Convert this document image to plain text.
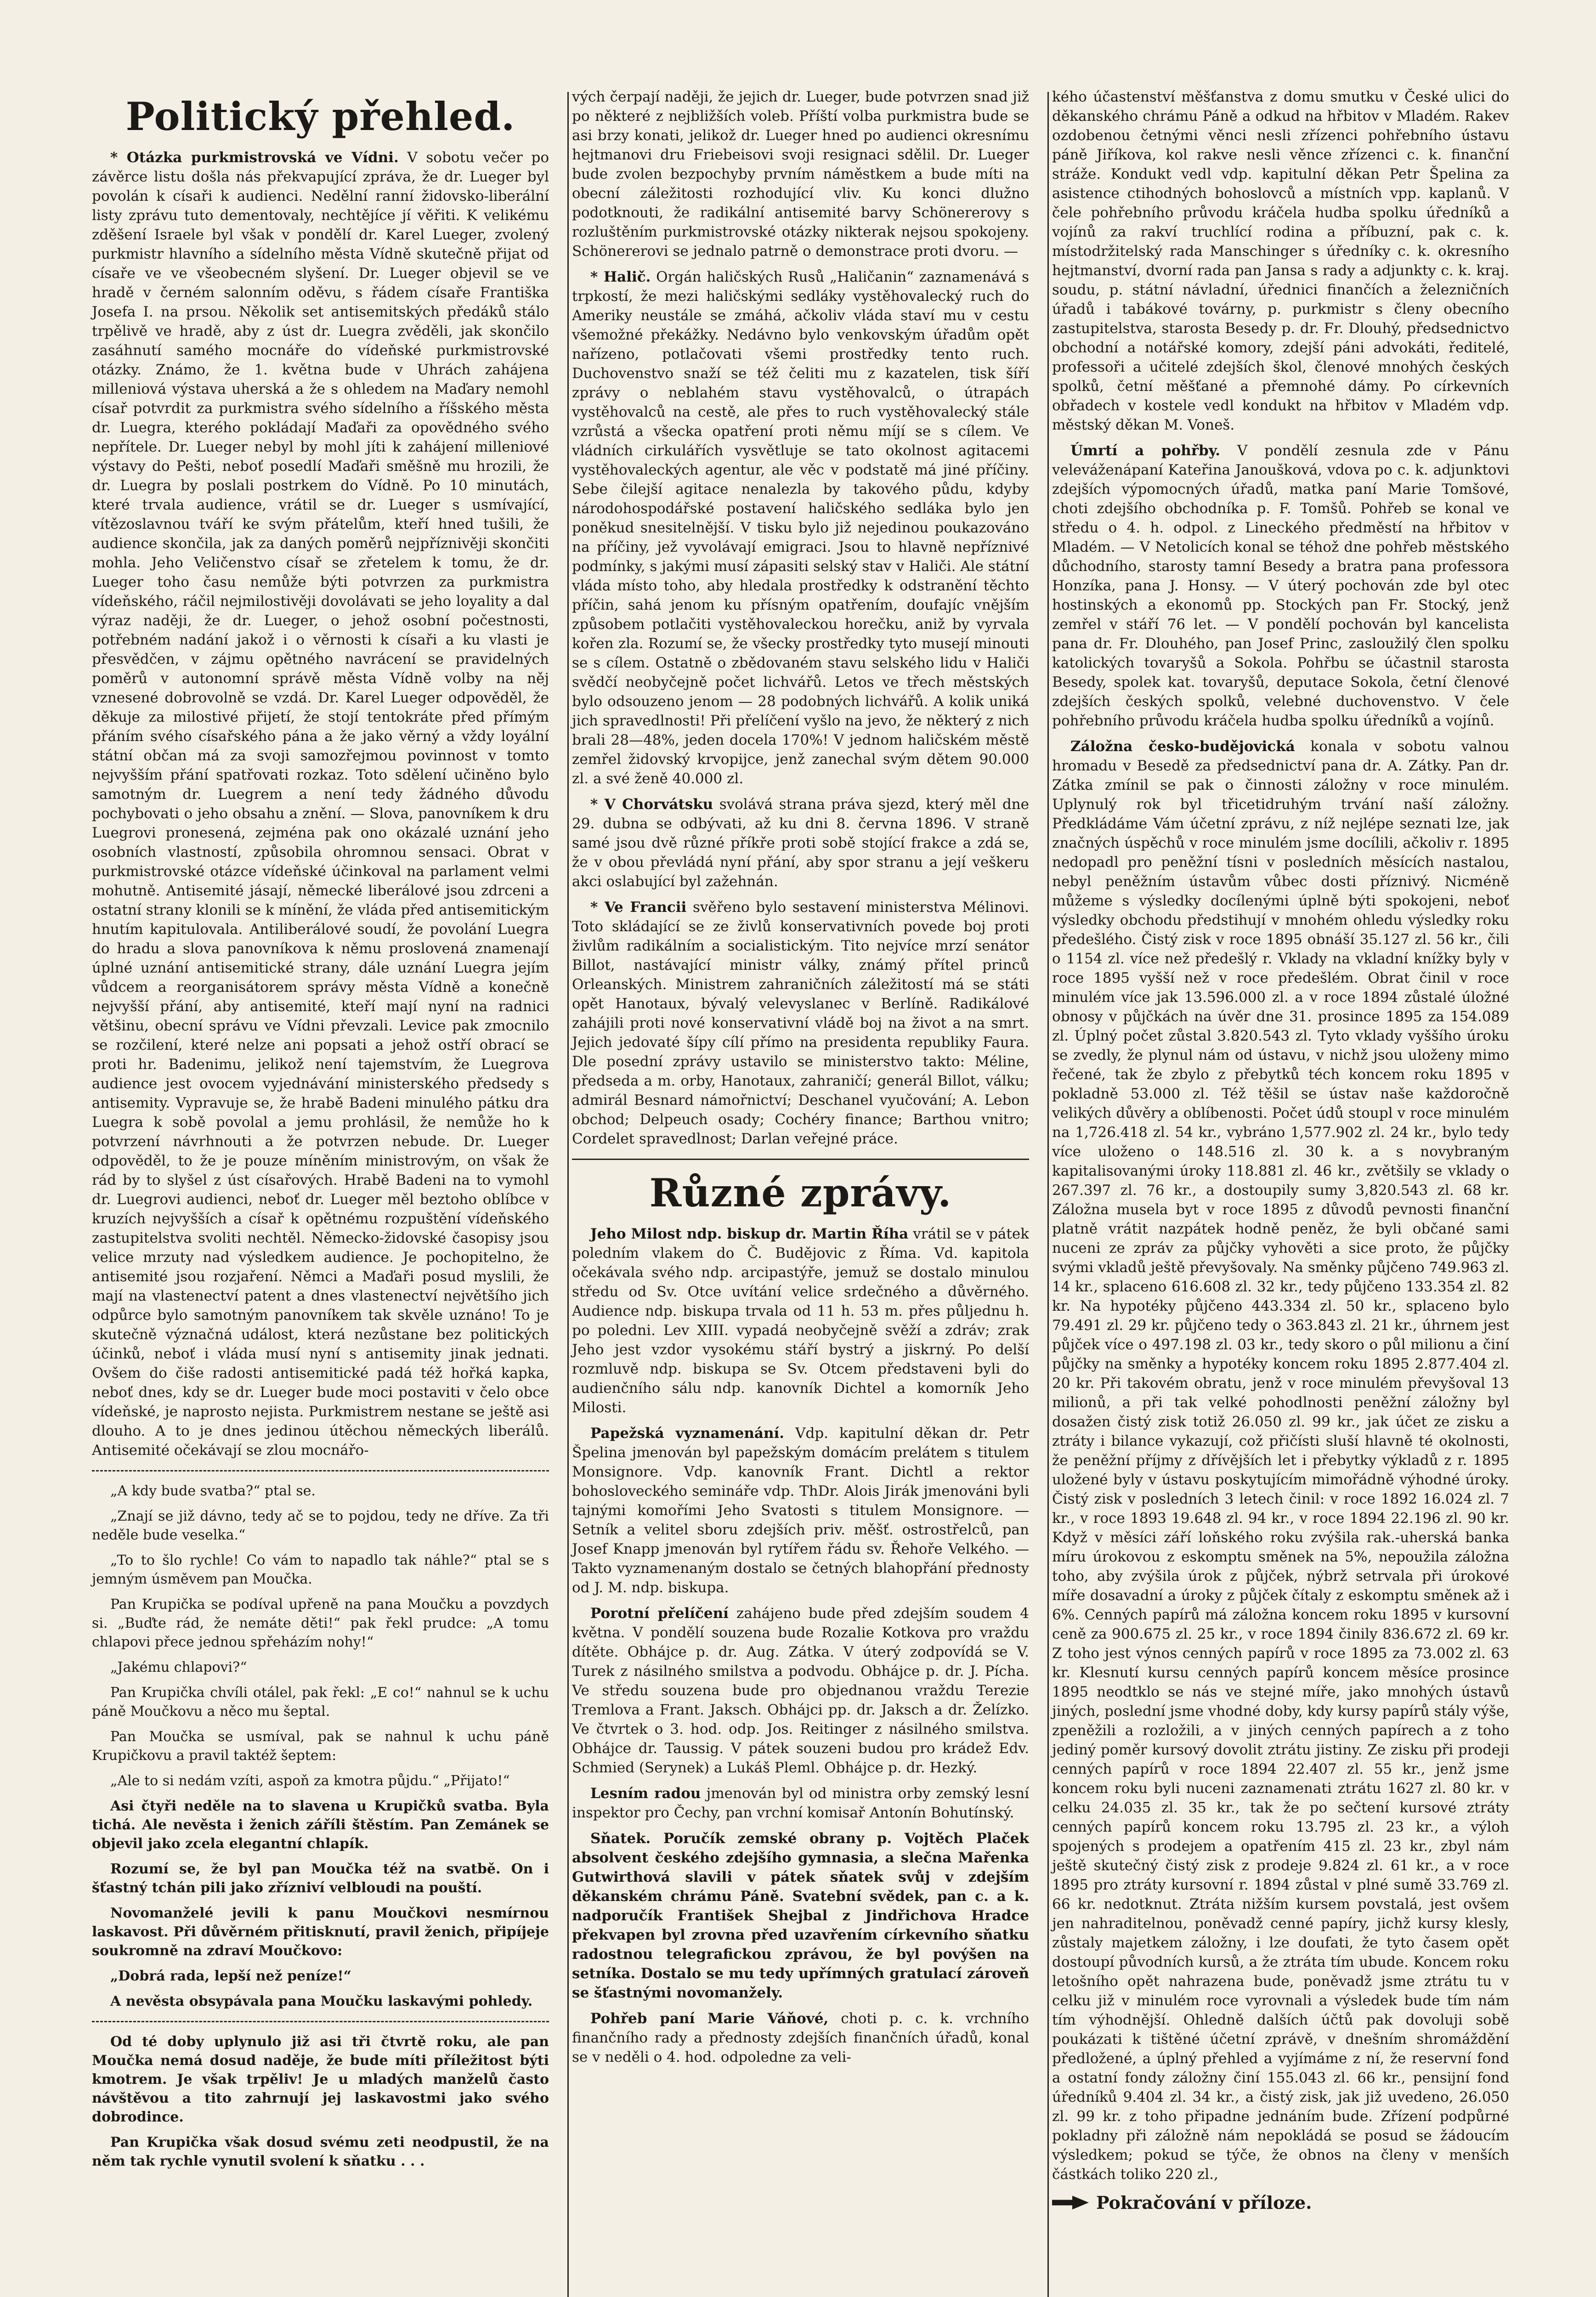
Politický přehled.

* Otázka purkmistrovská ve Vídni. V sobotu večer po závěrce listu došla nás překvapující zpráva, že dr. Lueger byl povolán k císaři k audienci. Nedělní ranní židovsko-liberální listy zprávu tuto dementovaly, nechtějíce jí věřiti. K velikému zděšení Israele byl však v pondělí dr. Karel Lueger, zvolený purkmistr hlavního a sídelního města Vídně skutečně přijat od císaře ve ve všeobecném slyšení. Dr. Lueger objevil se ve hradě v černém salonním oděvu, s řádem císaře Františka Josefa I. na prsou. Několik set antisemitských předáků stálo trpělivě ve hradě, aby z úst dr. Luegra zvěděli, jak skončilo zasáhnutí samého mocnáře do vídeňské purkmistrovské otázky. Známo, že 1. května bude v Uhrách zahájena milleniová výstava uherská a že s ohledem na Maďary nemohl císař potvrdit za purkmistra svého sídelního a říšského města dr. Luegra, kterého pokládají Maďaři za opovědného svého nepřítele. Dr. Lueger nebyl by mohl jíti k zahájení milleniové výstavy do Pešti, neboť posedlí Maďaři směšně mu hrozili, že dr. Luegra by poslali postrkem do Vídně. Po 10 minutách, které trvala audience, vrátil se dr. Lueger s usmívající, vítězoslavnou tváří ke svým přátelům, kteří hned tušili, že audience skončila, jak za daných poměrů nejpříznivěji skončiti mohla. Jeho Veličenstvo císař se zřetelem k tomu, že dr. Lueger toho času nemůže býti potvrzen za purkmistra vídeňského, ráčil nejmilostivěji dovolávati se jeho loyality a dal výraz naději, že dr. Lueger, o jehož osobní počestnosti, potřebném nadání jakož i o věrnosti k císaři a ku vlasti je přesvědčen, v zájmu opětného navrácení se pravidelných poměrů v autonomní správě města Vídně volby na něj vznesené dobrovolně se vzdá. Dr. Karel Lueger odpověděl, že děkuje za milostivé přijetí, že stojí tentokráte před přímým přáním svého císařského pána a že jako věrný a vždy loyální státní občan má za svoji samozřejmou povinnost v tomto nejvyšším přání spatřovati rozkaz. Toto sdělení učiněno bylo samotným dr. Luegrem a není tedy žádného důvodu pochybovati o jeho obsahu a znění. — Slova, panovníkem k dru Luegrovi pronesená, zejména pak ono okázalé uznání jeho osobních vlastností, způsobila ohromnou sensaci. Obrat v purkmistrovské otázce vídeňské účinkoval na parlament velmi mohutně. Antisemité jásají, německé liberálové jsou zdrceni a ostatní strany klonili se k mínění, že vláda před antisemitickým hnutím kapitulovala. Antiliberálové soudí, že povolání Luegra do hradu a slova panovníkova k němu proslovená znamenají úplné uznání antisemitické strany, dále uznání Luegra jejím vůdcem a reorganisátorem správy města Vídně a konečně nejvyšší přání, aby antisemité, kteří mají nyní na radnici většinu, obecní správu ve Vídni převzali. Levice pak zmocnilo se rozčilení, které nelze ani popsati a jehož ostří obrací se proti hr. Badenimu, jelikož není tajemstvím, že Luegrova audience jest ovocem vyjednávání ministerského předsedy s antisemity. Vypravuje se, že hrabě Badeni minulého pátku dra Luegra k sobě povolal a jemu prohlásil, že nemůže ho k potvrzení návrhnouti a že potvrzen nebude. Dr. Lueger odpověděl, to že je pouze míněním ministrovým, on však že rád by to slyšel z úst císařových. Hrabě Badeni na to vymohl dr. Luegrovi audienci, neboť dr. Lueger měl beztoho oblíbce v kruzích nejvyšších a císař k opětnému rozpuštění vídeňského zastupitelstva svoliti nechtěl. Německo-židovské časopisy jsou velice mrzuty nad výsledkem audience. Je pochopitelno, že antisemité jsou rozjaření. Němci a Maďaři posud myslili, že mají na vlastenectví patent a dnes vlastenectví největšího jich odpůrce bylo samotným panovníkem tak skvěle uznáno! To je skutečně význačná událost, která nezůstane bez politických účinků, neboť i vláda musí nyní s antisemity jinak jednati. Ovšem do čiše radosti antisemitické padá též hořká kapka, neboť dnes, kdy se dr. Lueger bude moci postaviti v čelo obce vídeňské, je naprosto nejista. Purkmistrem nestane se ještě asi dlouho. A to je dnes jedinou útěchou německých liberálů. Antisemité očekávají se zlou mocnářo-

„A kdy bude svatba?“ ptal se.

„Znají se již dávno, tedy ač se to pojdou, tedy ne dříve. Za tři neděle bude veselka.“

„To to šlo rychle! Co vám to napadlo tak náhle?“ ptal se s jemným úsměvem pan Moučka.

Pan Krupička se podíval upřeně na pana Moučku a povzdych si. „Buďte rád, že nemáte děti!“ pak řekl prudce: „A tomu chlapovi přece jednou spřeházím nohy!“

„Jakému chlapovi?“

Pan Krupička chvíli otálel, pak řekl: „E co!“ nahnul se k uchu páně Moučkovu a něco mu šeptal.

Pan Moučka se usmíval, pak se nahnul k uchu páně Krupičkovu a pravil taktéž šeptem:

„Ale to si nedám vzíti, aspoň za kmotra půjdu.“ „Přijato!“

Asi čtyři neděle na to slavena u Krupičků svatba. Byla tichá. Ale nevěsta i ženich záříli štěstím. Pan Zemánek se objevil jako zcela elegantní chlapík.

Rozumí se, že byl pan Moučka též na svatbě. On i šťastný tchán pili jako zřízniví velbloudi na pouští.

Novomanželé jevili k panu Moučkovi nesmírnou laskavost. Při důvěrném přitisknutí, pravil ženich, připíjeje soukromně na zdraví Moučkovo:

„Dobrá rada, lepší než peníze!“

A nevěsta obsypávala pana Moučku laskavými pohledy.

Od té doby uplynulo již asi tři čtvrtě roku, ale pan Moučka nemá dosud naděje, že bude míti příležitost býti kmotrem. Je však trpěliv! Je u mladých manželů často návštěvou a tito zahrnují jej laskavostmi jako svého dobrodince.

Pan Krupička však dosud svému zeti neodpustil, že na něm tak rychle vynutil svolení k sňatku . . .

vých čerpají naději, že jejich dr. Lueger, bude potvrzen snad již po některé z nejbližších voleb. Příští volba purkmistra bude se asi brzy konati, jelikož dr. Lueger hned po audienci okresnímu hejtmanovi dru Friebeisovi svoji resignaci sdělil. Dr. Lueger bude zvolen bezpochyby prvním náměstkem a bude míti na obecní záležitosti rozhodující vliv. Ku konci dlužno podotknouti, že radikální antisemité barvy Schönererovy s rozluštěním purkmistrovské otázky nikterak nejsou spokojeny. Schönererovi se jednalo patrně o demonstrace proti dvoru. —

* Halič. Orgán haličských Rusů „Haličanin“ zaznamenává s trpkostí, že mezi haličskými sedláky vystěhovalecký ruch do Ameriky neustále se zmáhá, ačkoliv vláda staví mu v cestu všemožné překážky. Nedávno bylo venkovským úřadům opět nařízeno, potlačovati všemi prostředky tento ruch. Duchovenstvo snaží se též čeliti mu z kazatelen, tisk šíří zprávy o neblahém stavu vystěhovalců, o útrapách vystěhovalců na cestě, ale přes to ruch vystěhovalecký stále vzrůstá a všecka opatření proti němu míjí se s cílem. Ve vládních cirkulářích vysvětluje se tato okolnost agitacemi vystěhovaleckých agentur, ale věc v podstatě má jiné příčiny. Sebe čilejší agitace nenalezla by takového půdu, kdyby národohospodářské postavení haličského sedláka bylo jen poněkud snesitelnější. V tisku bylo již nejedinou poukazováno na příčiny, jež vyvolávají emigraci. Jsou to hlavně nepříznivé podmínky, s jakými musí zápasiti selský stav v Haliči. Ale státní vláda místo toho, aby hledala prostředky k odstranění těchto příčin, sahá jenom ku přísným opatřením, doufajíc vnějším způsobem potlačiti vystěhovaleckou horečku, aniž by vyrvala kořen zla. Rozumí se, že všecky prostředky tyto musejí minouti se s cílem. Ostatně o zbědovaném stavu selského lidu v Haliči svědčí neobyčejně počet lichvářů. Letos ve třech městských bylo odsouzeno jenom — 28 podobných lichvářů. A kolik uniká jich spravedlnosti! Při přelíčení vyšlo na jevo, že některý z nich brali 28—48%, jeden docela 170%! V jednom haličském městě zemřel židovský krvopijce, jenž zanechal svým dětem 90.000 zl. a své ženě 40.000 zl.

* V Chorvátsku svolává strana práva sjezd, který měl dne 29. dubna se odbývati, až ku dni 8. června 1896. V straně samé jsou dvě různé příkře proti sobě stojící frakce a zdá se, že v obou převládá nyní přání, aby spor stranu a její veškeru akci oslabující byl zažehnán.

* Ve Francii svěřeno bylo sestavení ministerstva Mélinovi. Toto skládající se ze živlů konservativních povede boj proti živlům radikálním a socialistickým. Tito nejvíce mrzí senátor Billot, nastávající ministr války, známý přítel princů Orleanských. Ministrem zahraničních záležitostí má se státi opět Hanotaux, bývalý velevyslanec v Berlíně. Radikálové zahájili proti nové konservativní vládě boj na život a na smrt. Jejich jedovaté šípy cílí přímo na presidenta republiky Faura. Dle posední zprávy ustavilo se ministerstvo takto: Méline, předseda a m. orby, Hanotaux, zahraničí; generál Billot, válku; admirál Besnard námořnictví; Deschanel vyučování; A. Lebon obchod; Delpeuch osady; Cochéry finance; Barthou vnitro; Cordelet spravedlnost; Darlan veřejné práce.

Různé zprávy.

Jeho Milost ndp. biskup dr. Martin Říha vrátil se v pátek poledním vlakem do Č. Budějovic z Říma. Vd. kapitola očekávala svého ndp. arcipastýře, jemuž se dostalo minulou středu od Sv. Otce uvítání velice srdečného a důvěrného. Audience ndp. biskupa trvala od 11 h. 53 m. přes půljednu h. po poledni. Lev XIII. vypadá neobyčejně svěží a zdráv; zrak Jeho jest vzdor vysokému stáří bystrý a jiskrný. Po delší rozmluvě ndp. biskupa se Sv. Otcem představeni byli do audienčního sálu ndp. kanovník Dichtel a komorník Jeho Milosti.

Papežská vyznamenání. Vdp. kapitulní děkan dr. Petr Špelina jmenován byl papežským domácím prelátem s titulem Monsignore. Vdp. kanovník Frant. Dichtl a rektor bohosloveckého semináře vdp. ThDr. Alois Jirák jmenováni byli tajnými komořími Jeho Svatosti s titulem Monsignore. — Setník a velitel sboru zdejších priv. měšť. ostrostřelců, pan Josef Knapp jmenován byl rytířem řádu sv. Řehoře Velkého. — Takto vyznamenaným dostalo se četných blahopřání přednosty od J. M. ndp. biskupa.

Porotní přelíčení zahájeno bude před zdejším soudem 4 května. V pondělí souzena bude Rozalie Kotkova pro vraždu dítěte. Obhájce p. dr. Aug. Zátka. V úterý zodpovídá se V. Turek z násilného smilstva a podvodu. Obhájce p. dr. J. Pícha. Ve středu souzena bude pro objednanou vraždu Terezie Tremlova a Frant. Jaksch. Obhájci pp. dr. Jaksch a dr. Želízko. Ve čtvrtek o 3. hod. odp. Jos. Reitinger z násilného smilstva. Obhájce dr. Taussig. V pátek souzeni budou pro krádež Edv. Schmied (Serynek) a Lukáš Pleml. Obhájce p. dr. Hezký.

Lesním radou jmenován byl od ministra orby zemský lesní inspektor pro Čechy, pan vrchní komisař Antonín Bohutínský.

Sňatek. Poručík zemské obrany p. Vojtěch Plaček absolvent českého zdejšího gymnasia, a slečna Mařenka Gutwirthová slavili v pátek sňatek svůj v zdejším děkanském chrámu Páně. Svatební svědek, pan c. a k. nadporučík František Shejbal z Jindřichova Hradce překvapen byl zrovna před uzavřením církevního sňatku radostnou telegrafickou zprávou, že byl povýšen na setníka. Dostalo se mu tedy upřímných gratulací zároveň se šťastnými novomanžely.

Pohřeb paní Marie Váňové, choti p. c. k. vrchního finančního rady a přednosty zdejších finančních úřadů, konal se v neděli o 4. hod. odpoledne za veli-

kého účastenství měšťanstva z domu smutku v České ulici do děkanského chrámu Páně a odkud na hřbitov v Mladém. Rakev ozdobenou četnými věnci nesli zřízenci pohřebního ústavu páně Jiříkova, kol rakve nesli věnce zřízenci c. k. finanční stráže. Kondukt vedl vdp. kapitulní děkan Petr Špelina za asistence ctihodných bohoslovců a místních vpp. kaplanů. V čele pohřebního průvodu kráčela hudba spolku úředníků a vojínů za rakví truchlící rodina a příbuzní, pak c. k. místodržitelský rada Manschinger s úředníky c. k. okresního hejtmanství, dvorní rada pan Jansa s rady a adjunkty c. k. kraj. soudu, p. státní návladní, úřednici finančích a železničních úřadů i tabákové továrny, p. purkmistr s členy obecního zastupitelstva, starosta Besedy p. dr. Fr. Dlouhý, předsednictvo obchodní a notářské komory, zdejší páni advokáti, ředitelé, professoři a učitelé zdejších škol, členové mnohých českých spolků, četní měšťané a přemnohé dámy. Po církevních obřadech v kostele vedl kondukt na hřbitov v Mladém vdp. městský děkan M. Voneš.

Úmrtí a pohřby. V pondělí zesnula zde v Pánu veleváženápaní Kateřina Janoušková, vdova po c. k. adjunktovi zdejších výpomocných úřadů, matka paní Marie Tomšové, choti zdejšího obchodníka p. F. Tomšů. Pohřeb se konal ve středu o 4. h. odpol. z Lineckého předměstí na hřbitov v Mladém. — V Netolicích konal se téhož dne pohřeb městského důchodního, starosty tamní Besedy a bratra pana professora Honzíka, pana J. Honsy. — V úterý pochován zde byl otec hostinských a ekonomů pp. Stockých pan Fr. Stocký, jenž zemřel v stáří 76 let. — V pondělí pochován byl kancelista pana dr. Fr. Dlouhého, pan Josef Princ, zasloužilý člen spolku katolických tovaryšů a Sokola. Pohřbu se účastnil starosta Besedy, spolek kat. tovaryšů, deputace Sokola, četní členové zdejších českých spolků, velebné duchovenstvo. V čele pohřebního průvodu kráčela hudba spolku úředníků a vojínů.

Záložna česko-budějovická konala v sobotu valnou hromadu v Besedě za předsednictví pana dr. A. Zátky. Pan dr. Zátka zmínil se pak o činnosti záložny v roce minulém. Uplynulý rok byl třicetidruhým trvání naší záložny. Předkládáme Vám účetní zprávu, z níž nejlépe seznati lze, jak značných úspěchů v roce minulém jsme docílili, ačkoliv r. 1895 nedopadl pro peněžní tísni v posledních měsících nastalou, nebyl peněžním ústavům vůbec dosti příznivý. Nicméně můžeme s výsledky docílenými úplně býti spokojeni, neboť výsledky obchodu předstihují v mnohém ohledu výsledky roku předešlého. Čistý zisk v roce 1895 obnáší 35.127 zl. 56 kr., čili o 1154 zl. více než předešlý r. Vklady na vkladní knížky byly v roce 1895 vyšší než v roce předešlém. Obrat činil v roce minulém více jak 13.596.000 zl. a v roce 1894 zůstalé úložné obnosy v půjčkách na úvěr dne 31. prosince 1895 za 154.089 zl. Úplný počet zůstal 3.820.543 zl. Tyto vklady vyššího úroku se zvedly, že plynul nám od ústavu, v nichž jsou uloženy mimo řečené, tak že zbylo z přebytků téch koncem roku 1895 v pokladně 53.000 zl. Též těšil se ústav naše každoročně velikých důvěry a oblíbenosti. Počet údů stoupl v roce minulém na 1,726.418 zl. 54 kr., vybráno 1,577.902 zl. 24 kr., bylo tedy více uloženo o 148.516 zl. 30 k. a s novybraným kapitalisovanými úroky 118.881 zl. 46 kr., zvětšily se vklady o 267.397 zl. 76 kr., a dostoupily sumy 3,820.543 zl. 68 kr. Záložna musela byt v roce 1895 z důvodů pevnosti finanční platně vrátit nazpátek hodně peněz, že byli občané sami nuceni ze zpráv za půjčky vyhověti a sice proto, že půjčky svými vkladů ještě převyšovaly. Na směnky půjčeno 749.963 zl. 14 kr., splaceno 616.608 zl. 32 kr., tedy půjčeno 133.354 zl. 82 kr. Na hypotéky půjčeno 443.334 zl. 50 kr., splaceno bylo 79.491 zl. 29 kr. půjčeno tedy o 363.843 zl. 21 kr., úhrnem jest půjček více o 497.198 zl. 03 kr., tedy skoro o půl milionu a činí půjčky na směnky a hypotéky koncem roku 1895 2.877.404 zl. 20 kr. Při takovém obratu, jenž v roce minulém převyšoval 13 milionů, a při tak velké pohodlnosti peněžní záložny byl dosažen čistý zisk totiž 26.050 zl. 99 kr., jak účet ze zisku a ztráty i bilance vykazují, což přičísti sluší hlavně té okolnosti, že peněžní příjmy z dřívějších let i přebytky výkladů z r. 1895 uložené byly v ústavu poskytujícím mimořádně výhodné úroky. Čistý zisk v posledních 3 letech činil: v roce 1892 16.024 zl. 7 kr., v roce 1893 19.648 zl. 94 kr., v roce 1894 22.196 zl. 90 kr. Když v měsíci září loňského roku zvýšila rak.-uherská banka míru úrokovou z eskomptu směnek na 5%, nepoužila záložna toho, aby zvýšila úrok z půjček, nýbrž setrvala při úrokové míře dosavadní a úroky z půjček čítaly z eskomptu směnek až i 6%. Cenných papírů má záložna koncem roku 1895 v kursovní ceně za 900.675 zl. 25 kr., v roce 1894 činily 836.672 zl. 69 kr. Z toho jest výnos cenných papírů v roce 1895 za 73.002 zl. 63 kr. Klesnutí kursu cenných papírů koncem měsíce prosince 1895 neodtklo se nás ve stejné míře, jako mnohých ústavů jiných, poslední jsme vhodné doby, kdy kursy papírů stály výše, zpeněžili a rozložili, a v jiných cenných papírech a z toho jediný poměr kursový dovolit ztrátu jistiny. Ze zisku při prodeji cenných papírů v roce 1894 22.407 zl. 55 kr., jenž jsme koncem roku byli nuceni zaznamenati ztrátu 1627 zl. 80 kr. v celku 24.035 zl. 35 kr., tak že po sečtení kursové ztráty cenných papírů koncem roku 13.795 zl. 23 kr., a výloh spojených s prodejem a opatřením 415 zl. 23 kr., zbyl nám ještě skutečný čistý zisk z prodeje 9.824 zl. 61 kr., a v roce 1895 pro ztráty kursovní r. 1894 zůstal v plné sumě 33.769 zl. 66 kr. nedotknut. Ztráta nižším kursem povstalá, jest ovšem jen nahraditelnou, poněvadž cenné papíry, jichž kursy klesly, zůstaly majetkem záložny, i lze doufati, že tyto časem opět dostoupí původních kursů, a že ztráta tím ubude. Koncem roku letošního opět nahrazena bude, poněvadž jsme ztrátu tu v celku již v minulém roce vyrovnali a výsledek bude tím nám tím výhodnější. Ohledně dalších účtů pak dovoluji sobě poukázati k tištěné účetní zprávě, v dnešním shromáždění předložené, a úplný přehled a vyjímáme z ní, že reservní fond a ostatní fondy záložny činí 155.043 zl. 66 kr., pensijní fond úředníků 9.404 zl. 34 kr., a čistý zisk, jak již uvedeno, 26.050 zl. 99 kr. z toho připadne jednáním bude. Zřízení podpůrné pokladny při záložně nám nepokládá se posud se žádoucím výsledkem; pokud se týče, že obnos na členy v menších částkách toliko 220 zl.,

Pokračování v příloze.
